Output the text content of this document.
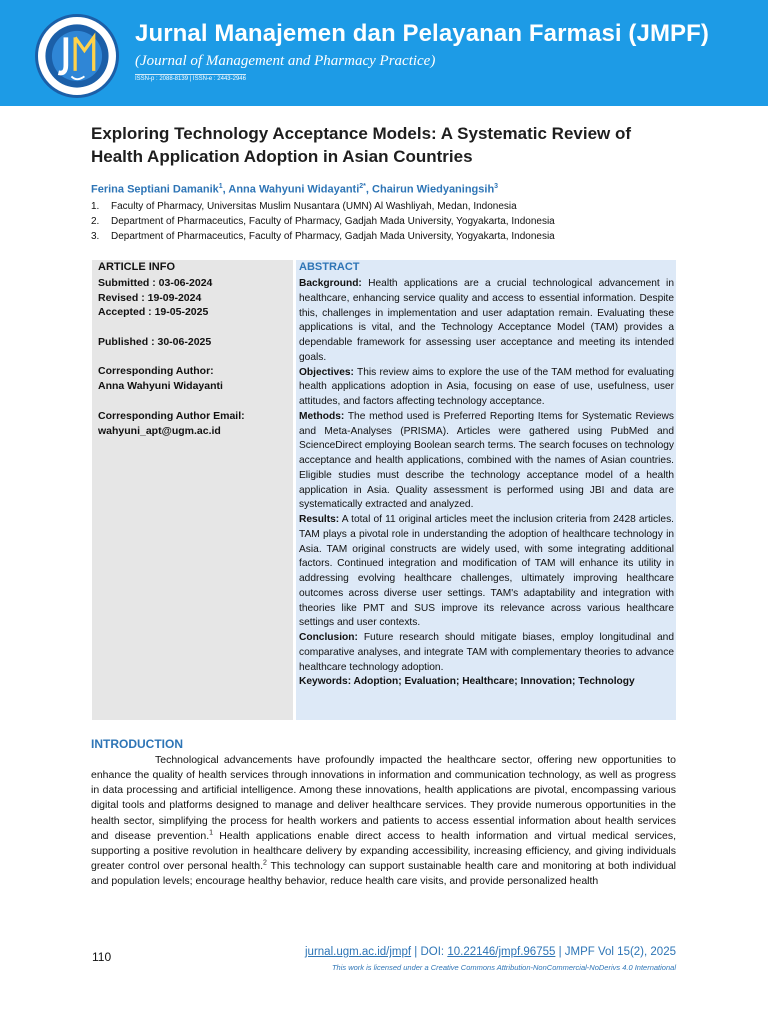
Jurnal Manajemen dan Pelayanan Farmasi (JMPF)
(Journal of Management and Pharmacy Practice)
ISSN-p : 2088-8139 | ISSN-e : 2443-2946
Exploring Technology Acceptance Models: A Systematic Review of Health Application Adoption in Asian Countries
Ferina Septiani Damanik$^1$, Anna Wahyuni Widayanti$^{2*}$, Chairun Wiedyaningsih$^3$
1. Faculty of Pharmacy, Universitas Muslim Nusantara (UMN) Al Washliyah, Medan, Indonesia
2. Department of Pharmaceutics, Faculty of Pharmacy, Gadjah Mada University, Yogyakarta, Indonesia
3. Department of Pharmaceutics, Faculty of Pharmacy, Gadjah Mada University, Yogyakarta, Indonesia
ARTICLE INFO
Submitted : 03-06-2024
Revised : 19-09-2024
Accepted : 19-05-2025
Published : 30-06-2025
Corresponding Author:
Anna Wahyuni Widayanti
Corresponding Author Email:
wahyuni_apt@ugm.ac.id
ABSTRACT

Background: Health applications are a crucial technological advancement in healthcare, enhancing service quality and access to essential information. Despite this, challenges in implementation and user adaptation remain. Evaluating these applications is vital, and the Technology Acceptance Model (TAM) provides a dependable framework for assessing user acceptance and meeting its intended goals.

Objectives: This review aims to explore the use of the TAM method for evaluating health applications adoption in Asia, focusing on ease of use, usefulness, user attitudes, and factors affecting technology acceptance.

Methods: The method used is Preferred Reporting Items for Systematic Reviews and Meta-Analyses (PRISMA). Articles were gathered using PubMed and ScienceDirect employing Boolean search terms. The search focuses on technology acceptance and health applications, combined with the names of Asian countries. Eligible studies must describe the technology acceptance model of a health application in Asia. Quality assessment is performed using JBI and data are systematically extracted and analyzed.

Results: A total of 11 original articles meet the inclusion criteria from 2428 articles. TAM plays a pivotal role in understanding the adoption of healthcare technology in Asia. TAM original constructs are widely used, with some integrating additional factors. Continued integration and modification of TAM will enhance its utility in addressing evolving healthcare challenges, ultimately improving healthcare outcomes across diverse user settings. TAM's adaptability and integration with theories like PMT and SUS improve its relevance across various healthcare settings and user contexts.

Conclusion: Future research should mitigate biases, employ longitudinal and comparative analyses, and integrate TAM with complementary theories to advance healthcare technology adoption.

Keywords: Adoption; Evaluation; Healthcare; Innovation; Technology

INTRODUCTION
Technological advancements have profoundly impacted the healthcare sector, offering new opportunities to enhance the quality of health services through innovations in information and communication technology, as well as progress in data processing and artificial intelligence. Among these innovations, health applications are pivotal, encompassing various digital tools and platforms designed to manage and deliver healthcare services. They provide numerous opportunities in the health sector, simplifying the process for health workers and patients to access essential information about health services and disease prevention.$^1$ Health applications enable direct access to health information and virtual medical services, supporting a positive revolution in healthcare delivery by expanding accessibility, increasing efficiency, and giving individuals greater control over personal health.$^2$ This technology can support sustainable health care and monitoring at both individual and population levels; encourage healthy behavior, reduce health care visits, and provide personalized health
110	jurnal.ugm.ac.id/jmpf | DOI: 10.22146/jmpf.96755 | JMPF Vol 15(2), 2025
This work is licensed under a Creative Commons Attribution-NonCommercial-NoDerivs 4.0 International
